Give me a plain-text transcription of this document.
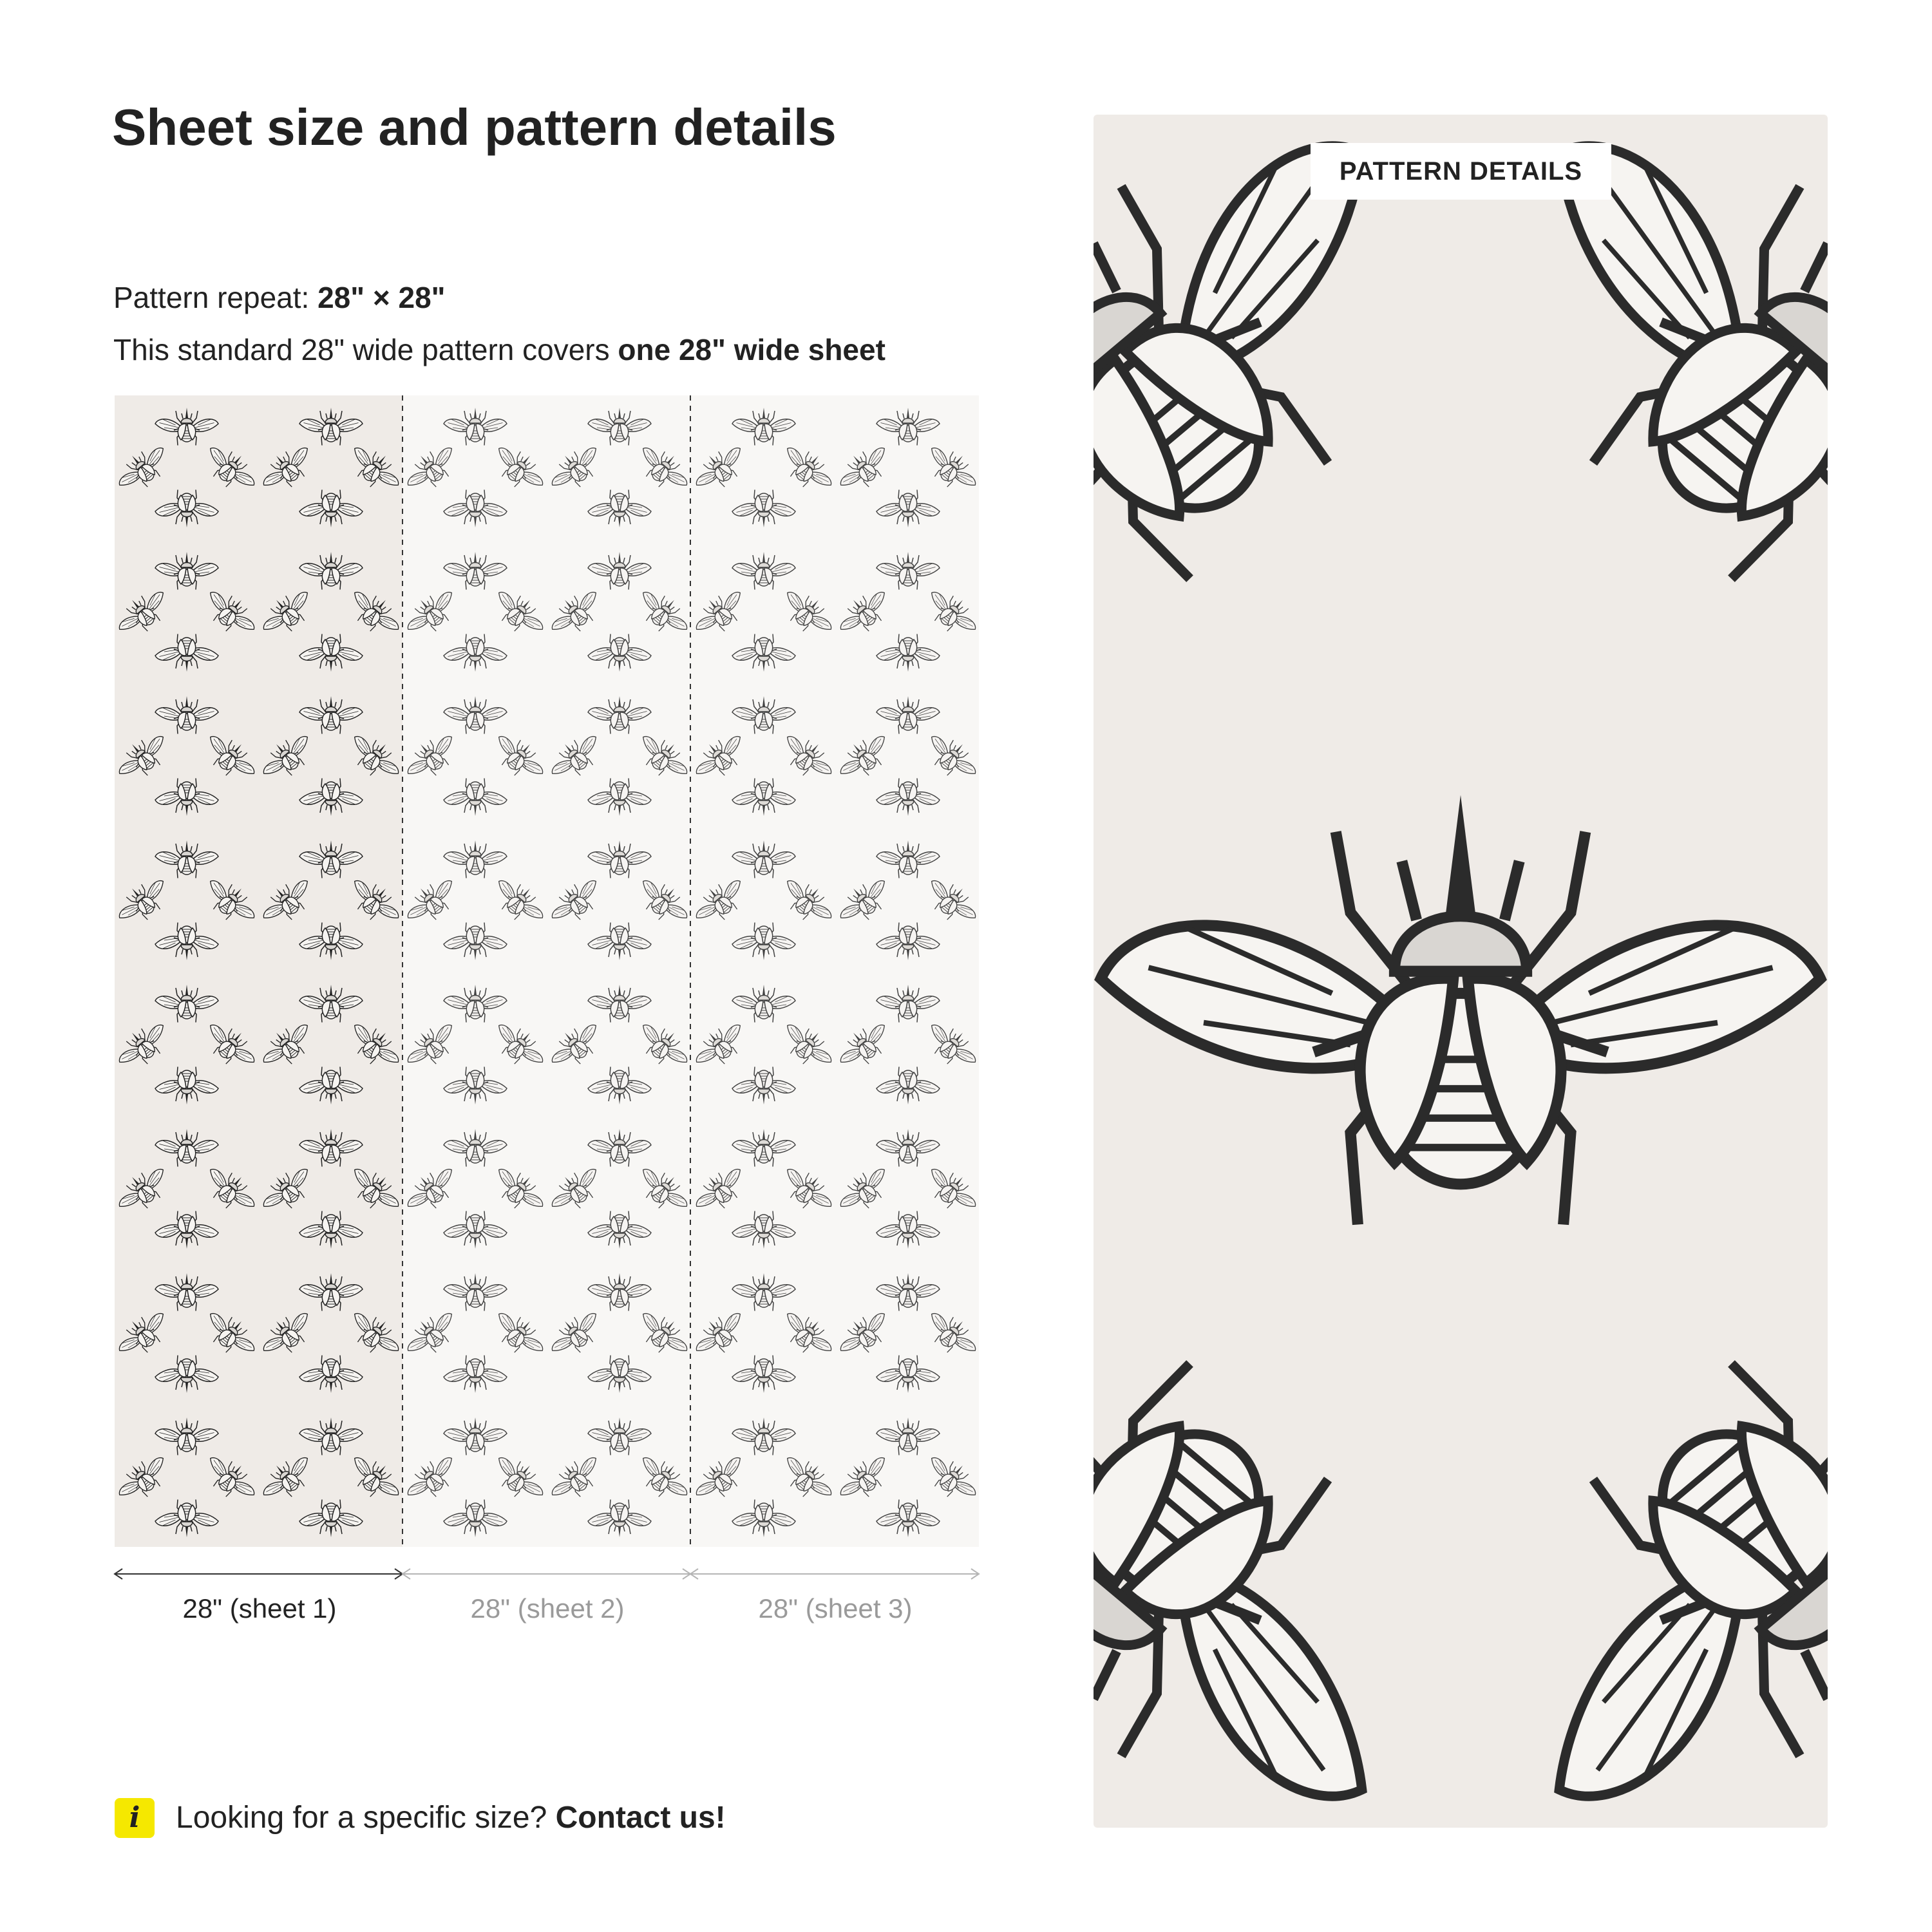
Sheet size and pattern details
Pattern repeat: 28" × 28"
This standard 28" wide pattern covers one 28" wide sheet
28" (sheet 1)	28" (sheet 2)	28" (sheet 3)
i	Looking for a specific size? Contact us!
PATTERN DETAILS
